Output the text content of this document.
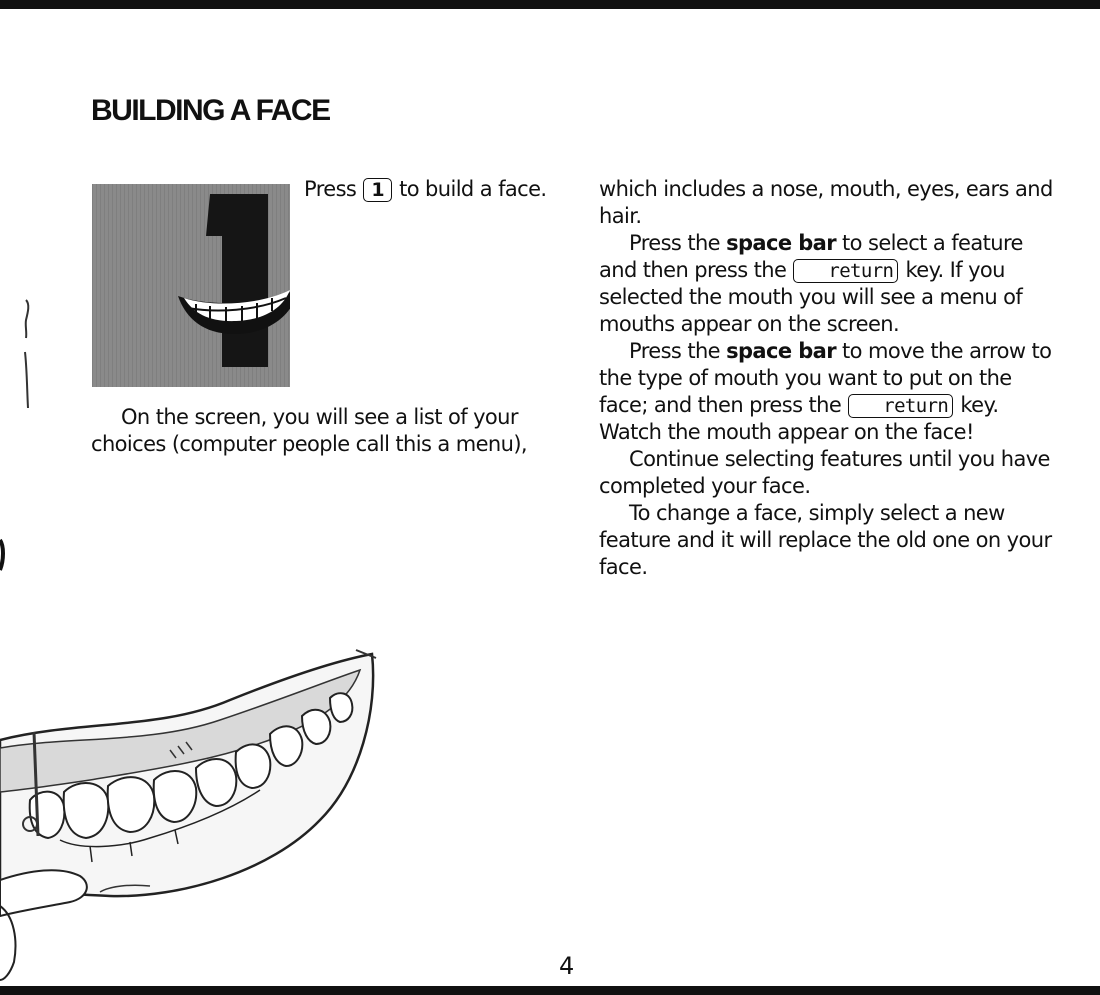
BUILDING A FACE
Press 1 to build a face.

On the screen, you will see a list of your

choices (computer people call this a menu),

which includes a nose, mouth, eyes, ears and hair.

Press the space bar to select a feature and then press the return key. If you selected the mouth you will see a menu of mouths appear on the screen.

Press the space bar to move the arrow to the type of mouth you want to put on the face; and then press the return key. Watch the mouth appear on the face!

Continue selecting features until you have completed your face.

To change a face, simply select a new feature and it will replace the old one on your face.

4
